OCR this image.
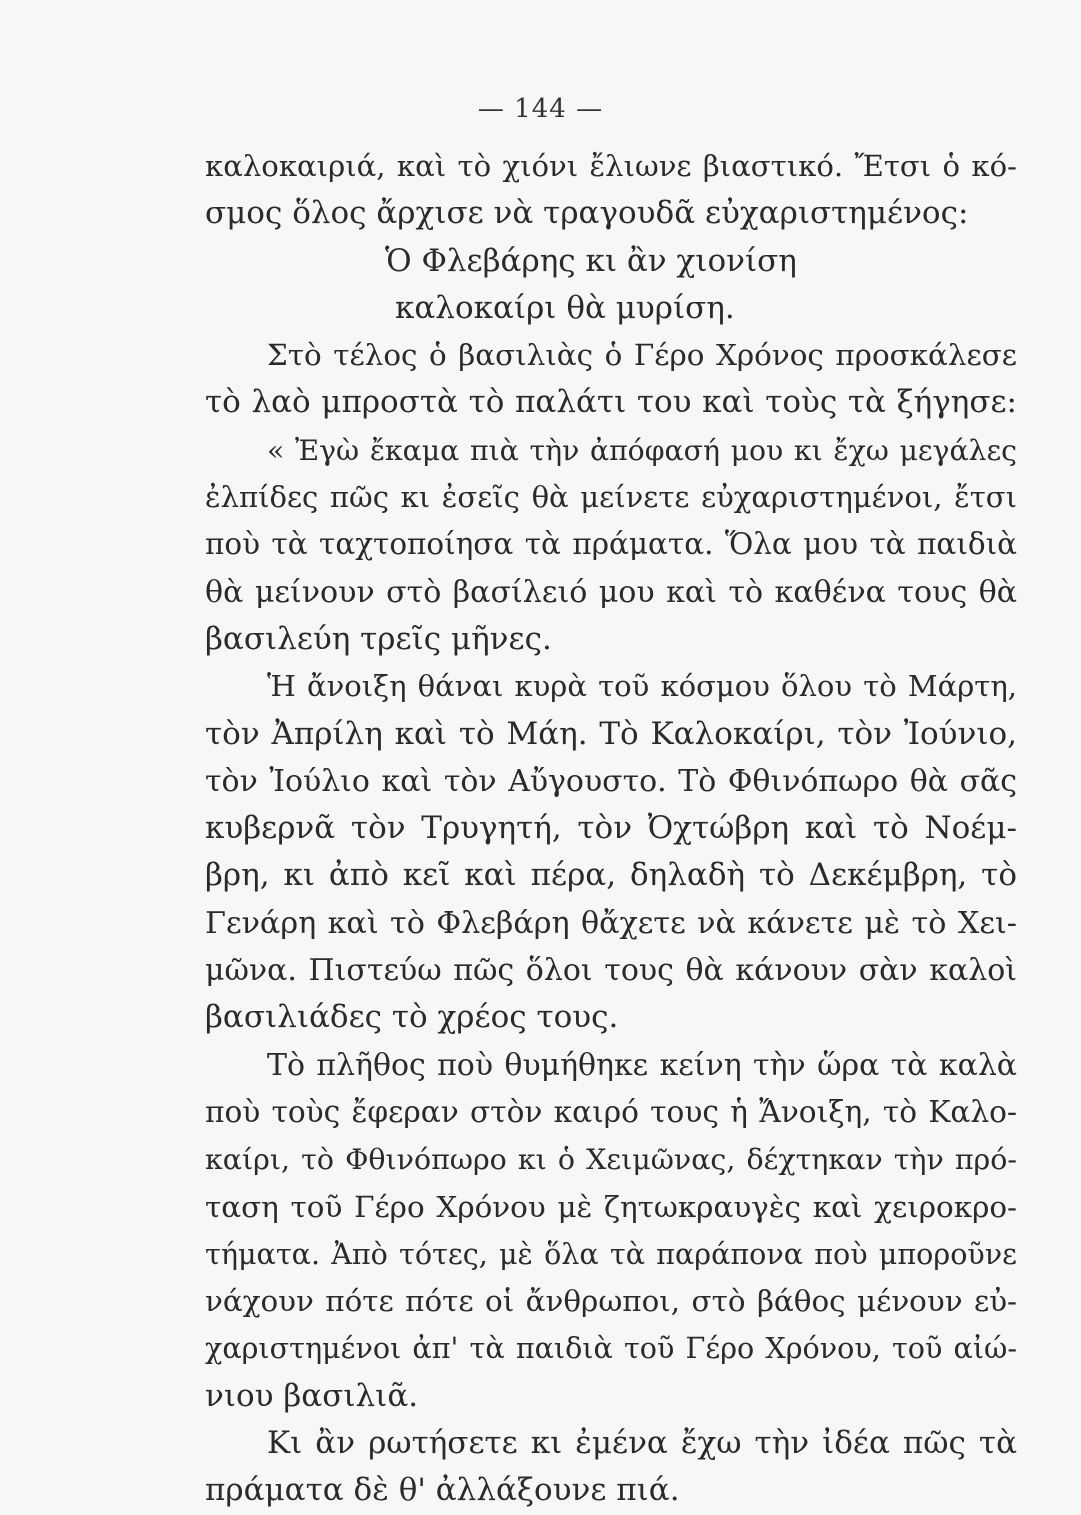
— 144 —
καλοκαιριά, καὶ τὸ χιόνι ἔλιωνε βιαστικό. Ἔτσι ὁ κό-
σμος ὅλος ἄρχισε νὰ τραγουδᾶ εὐχαριστημένος:
Ὁ Φλεβάρης κι ἂν χιονίση
καλοκαίρι θὰ μυρίση.
Στὸ τέλος ὁ βασιλιὰς ὁ Γέρο Χρόνος προσκάλεσε
τὸ λαὸ μπροστὰ τὸ παλάτι του καὶ τοὺς τὰ ξήγησε:
« Ἐγὼ ἔκαμα πιὰ τὴν ἀπόφασή μου κι ἔχω μεγάλες
ἐλπίδες πῶς κι ἐσεῖς θὰ μείνετε εὐχαριστημένοι, ἔτσι
ποὺ τὰ ταχτοποίησα τὰ πράματα. Ὅλα μου τὰ παιδιὰ
θὰ μείνουν στὸ βασίλειό μου καὶ τὸ καθένα τους θὰ
βασιλεύη τρεῖς μῆνες.
Ἡ ἄνοιξη θάναι κυρὰ τοῦ κόσμου ὅλου τὸ Μάρτη,
τὸν Ἀπρίλη καὶ τὸ Μάη. Τὸ Καλοκαίρι, τὸν Ἰούνιο,
τὸν Ἰούλιο καὶ τὸν Αὔγουστο. Τὸ Φθινόπωρο θὰ σᾶς
κυβερνᾶ τὸν Τρυγητή, τὸν Ὀχτώβρη καὶ τὸ Νοέμ-
βρη, κι ἀπὸ κεῖ καὶ πέρα, δηλαδὴ τὸ Δεκέμβρη, τὸ
Γενάρη καὶ τὸ Φλεβάρη θἄχετε νὰ κάνετε μὲ τὸ Χει-
μῶνα. Πιστεύω πῶς ὅλοι τους θὰ κάνουν σὰν καλοὶ
βασιλιάδες τὸ χρέος τους.
Τὸ πλῆθος ποὺ θυμήθηκε κείνη τὴν ὥρα τὰ καλὰ
ποὺ τοὺς ἔφεραν στὸν καιρό τους ἡ Ἄνοιξη, τὸ Καλο-
καίρι, τὸ Φθινόπωρο κι ὁ Χειμῶνας, δέχτηκαν τὴν πρό-
ταση τοῦ Γέρο Χρόνου μὲ ζητωκραυγὲς καὶ χειροκρο-
τήματα. Ἀπὸ τότες, μὲ ὅλα τὰ παράπονα ποὺ μποροῦνε
νάχουν πότε πότε οἱ ἄνθρωποι, στὸ βάθος μένουν εὐ-
χαριστημένοι ἀπ' τὰ παιδιὰ τοῦ Γέρο Χρόνου, τοῦ αἰώ-
νιου βασιλιᾶ.
Κι ἂν ρωτήσετε κι ἐμένα ἔχω τὴν ἰδέα πῶς τὰ
πράματα δὲ θ' ἀλλάξουνε πιά.
